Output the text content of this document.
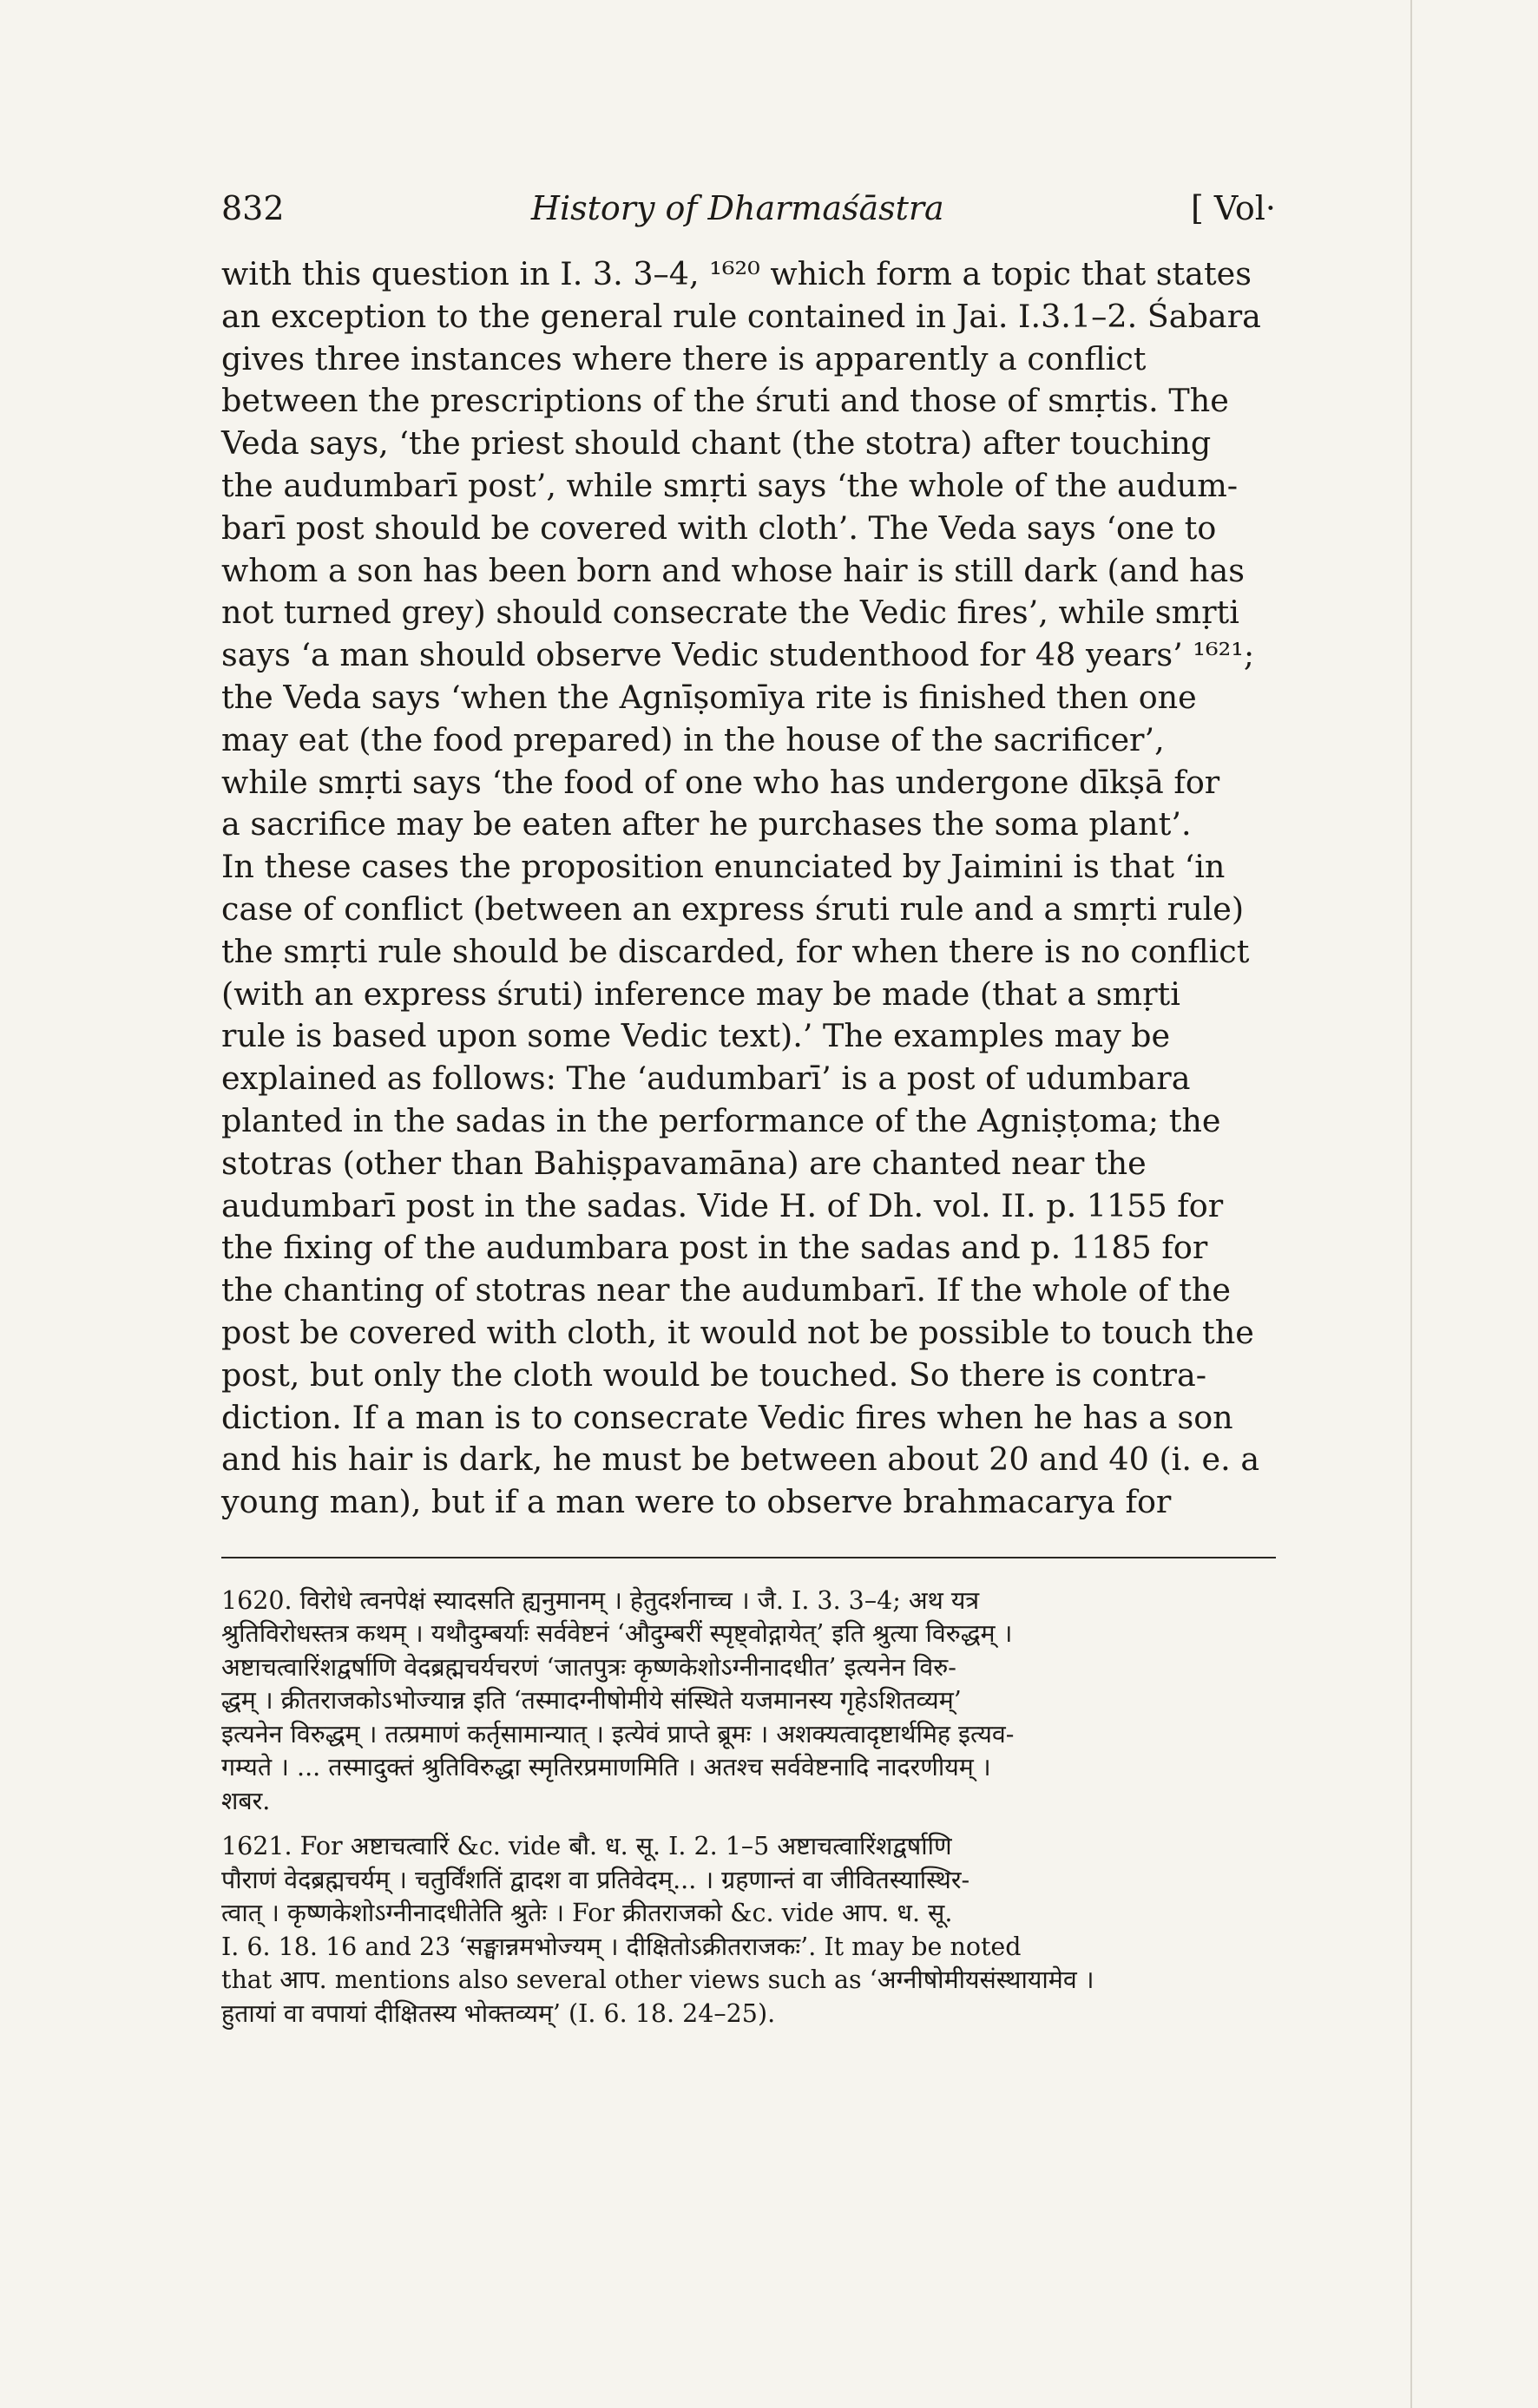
832	History of Dharmaśāstra	[ Vol·

with this question in I. 3. 3–4, ¹⁶²⁰ which form a topic that states
an exception to the general rule contained in Jai. I.3.1–2. Śabara
gives three instances where there is apparently a conflict
between the prescriptions of the śruti and those of smṛtis. The
Veda says, ‘the priest should chant (the stotra) after touching
the audumbarī post’, while smṛti says ‘the whole of the audum-
barī post should be covered with cloth’. The Veda says ‘one to
whom a son has been born and whose hair is still dark (and has
not turned grey) should consecrate the Vedic fires’, while smṛti
says ‘a man should observe Vedic studenthood for 48 years’ ¹⁶²¹;
the Veda says ‘when the Agnīṣomīya rite is finished then one
may eat (the food prepared) in the house of the sacrificer’,
while smṛti says ‘the food of one who has undergone dīkṣā for
a sacrifice may be eaten after he purchases the soma plant’.
In these cases the proposition enunciated by Jaimini is that ‘in
case of conflict (between an express śruti rule and a smṛti rule)
the smṛti rule should be discarded, for when there is no conflict
(with an express śruti) inference may be made (that a smṛti
rule is based upon some Vedic text).’ The examples may be
explained as follows: The ‘audumbarī’ is a post of udumbara
planted in the sadas in the performance of the Agniṣṭoma; the
stotras (other than Bahiṣpavamāna) are chanted near the
audumbarī post in the sadas. Vide H. of Dh. vol. II. p. 1155 for
the fixing of the audumbara post in the sadas and p. 1185 for
the chanting of stotras near the audumbarī. If the whole of the
post be covered with cloth, it would not be possible to touch the
post, but only the cloth would be touched. So there is contra-
diction. If a man is to consecrate Vedic fires when he has a son
and his hair is dark, he must be between about 20 and 40 (i. e. a
young man), but if a man were to observe brahmacarya for

1620. विरोधे त्वनपेक्षं स्यादसति ह्यनुमानम् । हेतुदर्शनाच्च । जै. I. 3. 3–4; अथ यत्र
श्रुतिविरोधस्तत्र कथम् । यथौदुम्बर्याः सर्ववेष्टनं ‘औदुम्बरीं स्पृष्ट्वोद्गायेत्’ इति श्रुत्या विरुद्धम् ।
अष्टाचत्वारिंशद्वर्षाणि वेदब्रह्मचर्यचरणं ‘जातपुत्रः कृष्णकेशोऽग्नीनादधीत’ इत्यनेन विरु-
द्धम् । क्रीतराजकोऽभोज्यान्न इति ‘तस्मादग्नीषोमीये संस्थिते यजमानस्य गृहेऽशितव्यम्’
इत्यनेन विरुद्धम् । तत्प्रमाणं कर्तृसामान्यात् । इत्येवं प्राप्ते ब्रूमः । अशक्यत्वादृष्टार्थमिह इत्यव-
गम्यते । ... तस्मादुक्तं श्रुतिविरुद्धा स्मृतिरप्रमाणमिति । अतश्च सर्ववेष्टनादि नादरणीयम् ।
शबर.

1621. For अष्टाचत्वारिं &c. vide बौ. ध. सू. I. 2. 1–5 अष्टाचत्वारिंशद्वर्षाणि
पौराणं वेदब्रह्मचर्यम् । चतुर्विंशतिं द्वादश वा प्रतिवेदम्... । ग्रहणान्तं वा जीवितस्यास्थिर-
त्वात् । कृष्णकेशोऽग्नीनादधीतेति श्रुतेः । For क्रीतराजको &c. vide आप. ध. सू.
I. 6. 18. 16 and 23 ‘सङ्घान्नमभोज्यम् । दीक्षितोऽक्रीतराजकः’. It may be noted
that आप. mentions also several other views such as ‘अग्नीषोमीयसंस्थायामेव ।
हुतायां वा वपायां दीक्षितस्य भोक्तव्यम्’ (I. 6. 18. 24–25).
